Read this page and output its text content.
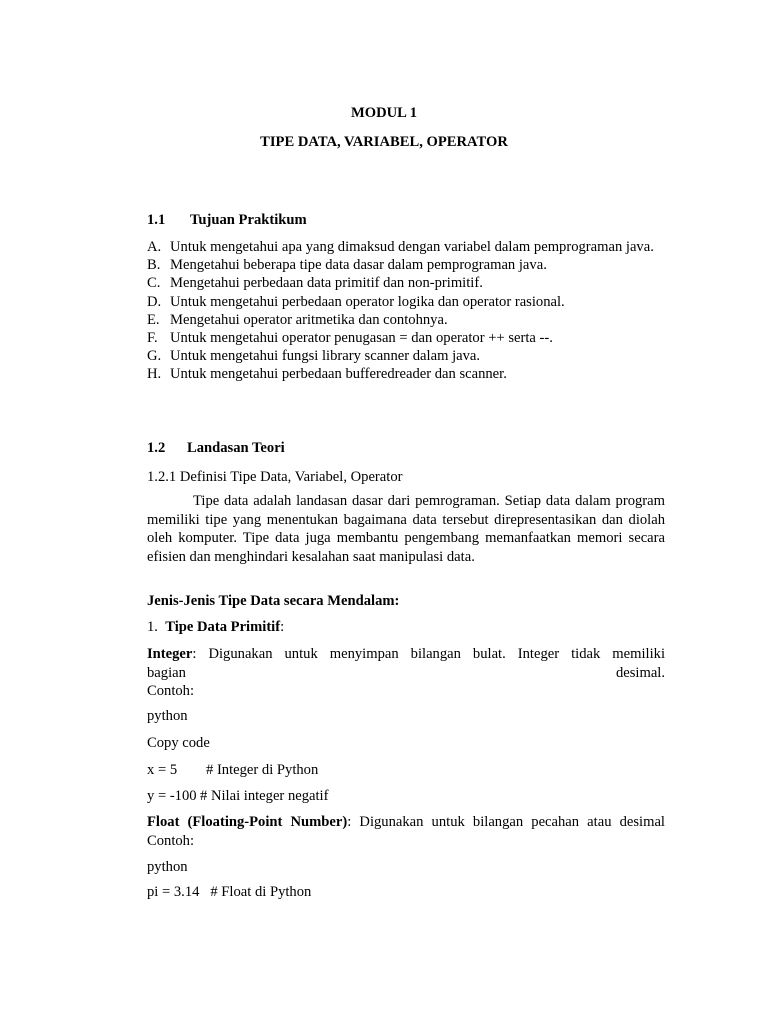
MODUL 1
TIPE DATA, VARIABEL, OPERATOR
1.1 Tujuan Praktikum
A. Untuk mengetahui apa yang dimaksud dengan variabel dalam pemprograman java.
B. Mengetahui beberapa tipe data dasar dalam pemprograman java.
C. Mengetahui perbedaan data primitif dan non-primitif.
D. Untuk mengetahui perbedaan operator logika dan operator rasional.
E. Mengetahui operator aritmetika dan contohnya.
F. Untuk mengetahui operator penugasan = dan operator ++ serta --.
G. Untuk mengetahui fungsi library scanner dalam java.
H. Untuk mengetahui perbedaan bufferedreader dan scanner.
1.2 Landasan Teori
1.2.1 Definisi Tipe Data, Variabel, Operator
Tipe data adalah landasan dasar dari pemrograman. Setiap data dalam program memiliki tipe yang menentukan bagaimana data tersebut direpresentasikan dan diolah oleh komputer. Tipe data juga membantu pengembang memanfaatkan memori secara efisien dan menghindari kesalahan saat manipulasi data.
Jenis-Jenis Tipe Data secara Mendalam:
1. Tipe Data Primitif:
Integer: Digunakan untuk menyimpan bilangan bulat. Integer tidak memiliki
bagian	desimal.
Contoh:
python
Copy code
x = 5 # Integer di Python
y = -100 # Nilai integer negatif
Float (Floating-Point Number): Digunakan untuk bilangan pecahan atau desimal
Contoh:
python
pi = 3.14   # Float di Python
